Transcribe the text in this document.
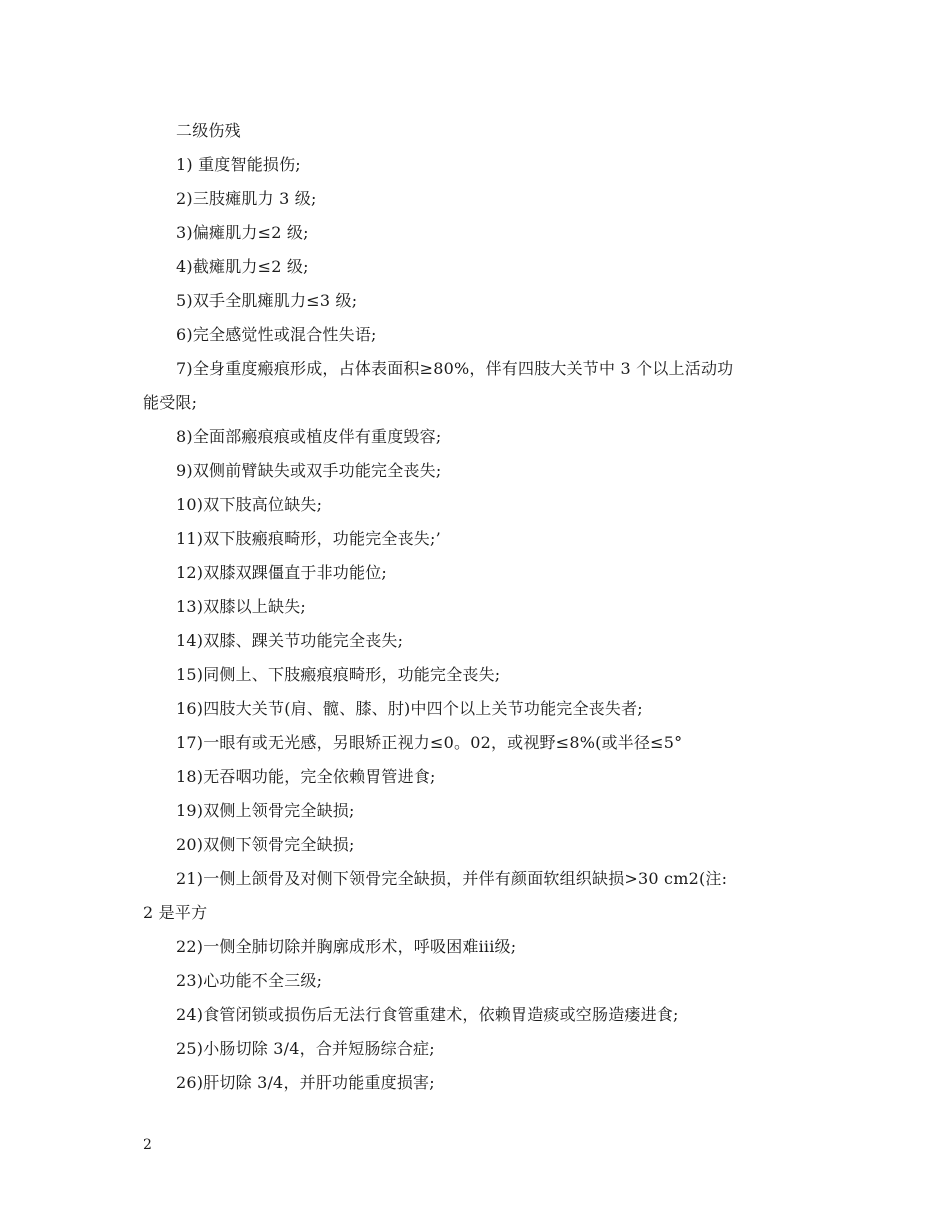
二级伤残
1) 重度智能损伤;
2)三肢瘫肌力 3 级;
3)偏瘫肌力≤2 级;
4)截瘫肌力≤2 级;
5)双手全肌瘫肌力≤3 级;
6)完全感觉性或混合性失语;
7)全身重度瘢痕形成，占体表面积≥80%，伴有四肢大关节中 3 个以上活动功
能受限;
8)全面部瘢痕痕或植皮伴有重度毁容;
9)双侧前臂缺失或双手功能完全丧失;
10)双下肢高位缺失;
11)双下肢瘢痕畸形，功能完全丧失;’
12)双膝双踝僵直于非功能位;
13)双膝以上缺失;
14)双膝、踝关节功能完全丧失;
15)同侧上、下肢瘢痕痕畸形，功能完全丧失;
16)四肢大关节(肩、髋、膝、肘)中四个以上关节功能完全丧失者;
17)一眼有或无光感，另眼矫正视力≤0。02，或视野≤8%(或半径≤5°
18)无吞咽功能，完全依赖胃管进食;
19)双侧上领骨完全缺损;
20)双侧下领骨完全缺损;
21)一侧上颌骨及对侧下领骨完全缺损，并伴有颜面软组织缺损>30 cm2(注:
2 是平方
22)一侧全肺切除并胸廓成形术，呼吸困难iii级;
23)心功能不全三级;
24)食管闭锁或损伤后无法行食管重建术，依赖胃造痰或空肠造瘘进食;
25)小肠切除 3/4，合并短肠综合症;
26)肝切除 3/4，并肝功能重度损害;
2
